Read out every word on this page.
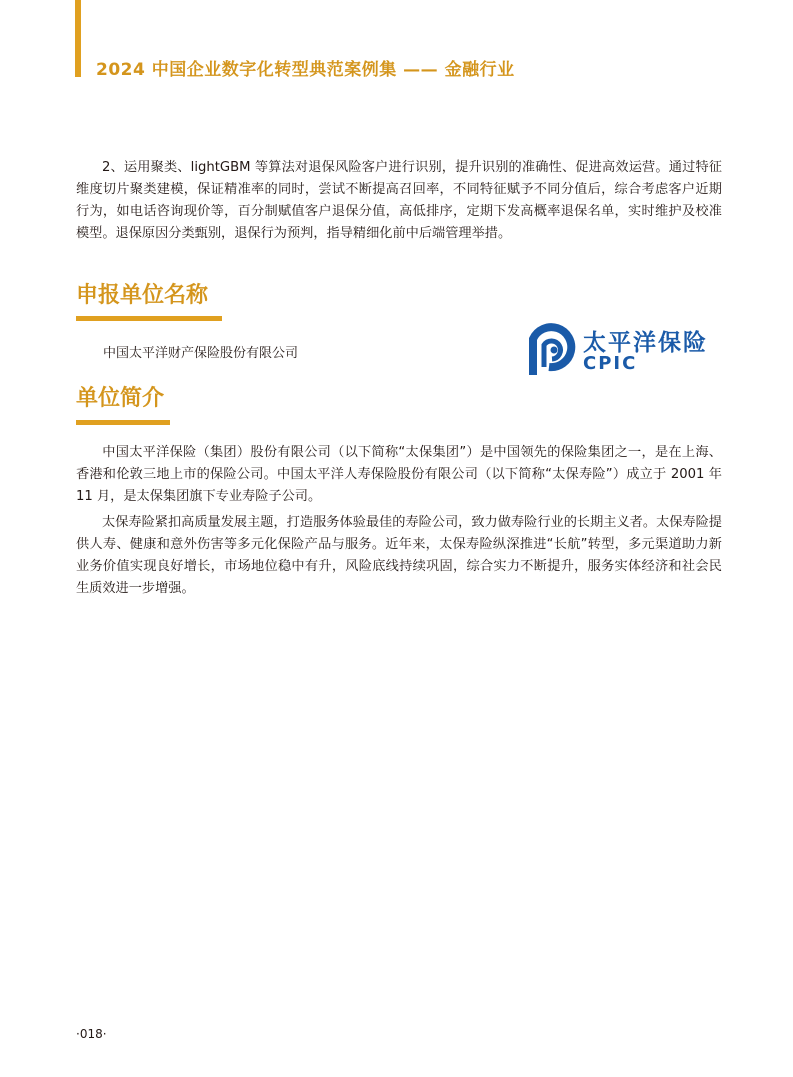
2024 中国企业数字化转型典范案例集 —— 金融行业

2、运用聚类、lightGBM 等算法对退保风险客户进行识别，提升识别的准确性、促进高效运营。通过特征维度切片聚类建模，保证精准率的同时，尝试不断提高召回率，不同特征赋予不同分值后，综合考虑客户近期行为，如电话咨询现价等，百分制赋值客户退保分值，高低排序，定期下发高概率退保名单，实时维护及校准模型。退保原因分类甄别，退保行为预判，指导精细化前中后端管理举措。

申报单位名称
中国太平洋财产保险股份有限公司	太平洋保险
CPIC
单位简介

中国太平洋保险（集团）股份有限公司（以下简称“太保集团”）是中国领先的保险集团之一，是在上海、香港和伦敦三地上市的保险公司。中国太平洋人寿保险股份有限公司（以下简称“太保寿险”）成立于 2001 年 11 月，是太保集团旗下专业寿险子公司。

太保寿险紧扣高质量发展主题，打造服务体验最佳的寿险公司，致力做寿险行业的长期主义者。太保寿险提供人寿、健康和意外伤害等多元化保险产品与服务。近年来，太保寿险纵深推进“长航”转型，多元渠道助力新业务价值实现良好增长，市场地位稳中有升，风险底线持续巩固，综合实力不断提升，服务实体经济和社会民生质效进一步增强。

·018·
